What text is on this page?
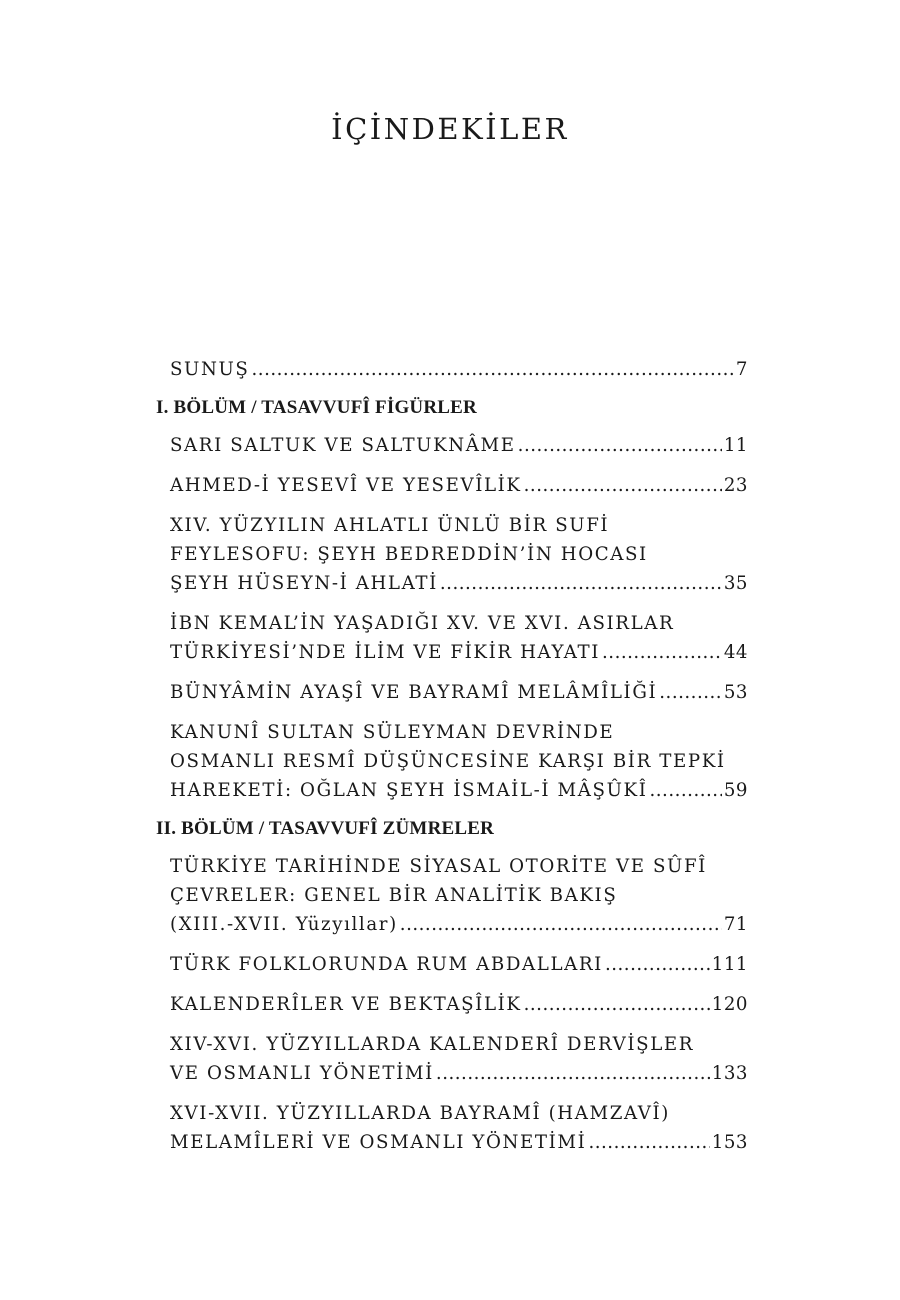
İÇİNDEKİLER
SUNUŞ .....	7
I. BÖLÜM / TASAVVUFÎ FİGÜRLER
SARI SALTUK VE SALTUKNÂME .....	11
AHMED-İ YESEVÎ VE YESEVÎLİK .....	23
XIV. YÜZYILIN AHLATLI ÜNLÜ BİR SUFİ
FEYLESOFU: ŞEYH BEDREDDİN’İN HOCASI
ŞEYH HÜSEYN-İ AHLATİ .....	35
İBN KEMAL’İN YAŞADIĞI XV. VE XVI. ASIRLAR
TÜRKİYESİ’NDE İLİM VE FİKİR HAYATI .....	44
BÜNYÂMİN AYAŞÎ VE BAYRAMÎ MELÂMÎLİĞİ .....	53
KANUNÎ SULTAN SÜLEYMAN DEVRİNDE
OSMANLI RESMÎ DÜŞÜNCESİNE KARŞI BİR TEPKİ
HAREKETİ: OĞLAN ŞEYH İSMAİL-İ MÂŞÛKÎ .....	59
II. BÖLÜM / TASAVVUFÎ ZÜMRELER
TÜRKİYE TARİHİNDE SİYASAL OTORİTE VE SÛFÎ
ÇEVRELER: GENEL BİR ANALİTİK BAKIŞ
(XIII.-XVII. Yüzyıllar) .....	71
TÜRK FOLKLORUNDA RUM ABDALLARI .....	111
KALENDERÎLER VE BEKTAŞÎLİK .....	120
XIV-XVI. YÜZYILLARDA KALENDERÎ DERVİŞLER
VE OSMANLI YÖNETİMİ .....	133
XVI-XVII. YÜZYILLARDA BAYRAMÎ (HAMZAVÎ)
MELAMÎLERİ VE OSMANLI YÖNETİMİ .....	153
